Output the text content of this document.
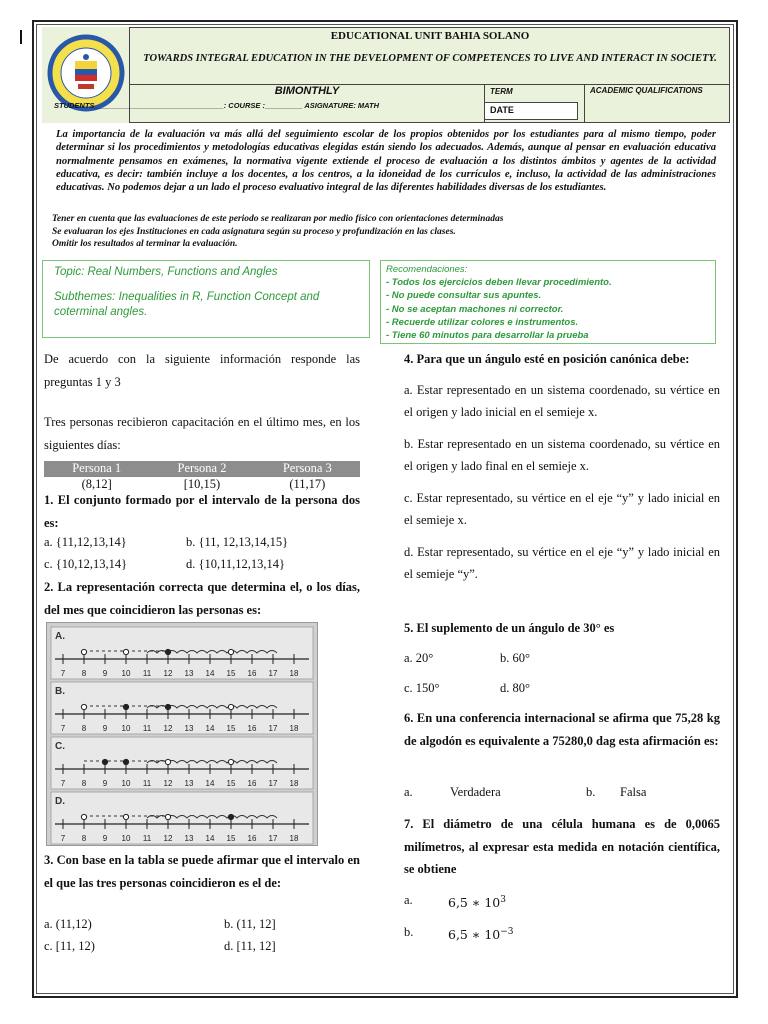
EDUCATIONAL UNIT BAHIA SOLANO
TOWARDS INTEGRAL EDUCATION IN THE DEVELOPMENT OF COMPETENCES TO LIVE AND INTERACT IN SOCIETY.
BIMONTHLY
STUDENTS_______________________________: COURSE :_________ ASIGNATURE: MATH
TERM
DATE
ACADEMIC QUALIFICATIONS
La importancia de la evaluación va más allá del seguimiento escolar de los propios obtenidos por los estudiantes para al mismo tiempo, poder determinar si los procedimientos y metodologías educativas elegidas están siendo los adecuados. Además, aunque al pensar en evaluación educativa normalmente pensamos en exámenes, la normativa vigente extiende el proceso de evaluación a los distintos ámbitos y agentes de la actividad educativa, es decir: también incluye a los docentes, a los centros, a la idoneidad de los currículos e, incluso, la actividad de las administraciones educativas. No podemos dejar a un lado el proceso evaluativo integral de las diferentes habilidades diversas de los estudiantes.
Tener en cuenta que las evaluaciones de este periodo se realizaran por medio físico con orientaciones determinadas
Se evaluaran los ejes Instituciones en cada asignatura según su proceso y profundización en las clases.
Omitir los resultados al terminar la evaluación.
Topic: Real Numbers, Functions and Angles
Subthemes: Inequalities in R, Function Concept and coterminal angles.
Recomendaciones:
- Todos los ejercicios deben llevar procedimiento.
- No puede consultar sus apuntes.
- No se aceptan machones ni corrector.
- Recuerde utilizar colores e instrumentos.
- Tiene 60 minutos para desarrollar la prueba
De acuerdo con la siguiente información responde las preguntas 1 y 3
Tres personas recibieron capacitación en el último mes, en los siguientes días:
Persona 1	Persona 2	Persona 3
(8,12]	[10,15)	(11,17)
1. El conjunto formado por el intervalo de la persona dos es:
a. {11,12,13,14}	b. {11, 12,13,14,15}
c. {10,12,13,14}	d. {10,11,12,13,14}
2. La representación correcta que determina el, o los días, del mes que coincidieron las personas es:
A.
7 8 9 10 11 12 13 14 15 16 17 18
B.
7 8 9 10 11 12 13 14 15 16 17 18
C.
7 8 9 10 11 12 13 14 15 16 17 18
D.
7 8 9 10 11 12 13 14 15 16 17 18
3. Con base en la tabla se puede afirmar que el intervalo en el que las tres personas coincidieron es el de:
a. (11,12)	b. (11, 12]
c. [11, 12)	d. [11, 12]
4. Para que un ángulo esté en posición canónica debe:
a. Estar representado en un sistema coordenado, su vértice en el origen y lado inicial en el semieje x.
b. Estar representado en un sistema coordenado, su vértice en el origen y lado final en el semieje x.
c. Estar representado, su vértice en el eje “y” y lado inicial en el semieje x.
d. Estar representado, su vértice en el eje “y” y lado inicial en el semieje “y”.
5. El suplemento de un ángulo de 30° es
a. 20°	b. 60°
c. 150°	d. 80°
6. En una conferencia internacional se afirma que 75,28 kg de algodón es equivalente a 75280,0 dag esta afirmación es:
a.	Verdadera	b. Falsa
7. El diámetro de una célula humana es de 0,0065 milímetros, al expresar esta medida en notación científica, se obtiene
a.	6,5 ∗ $10^3$
b.	6,5 ∗ $10^{-3}$
